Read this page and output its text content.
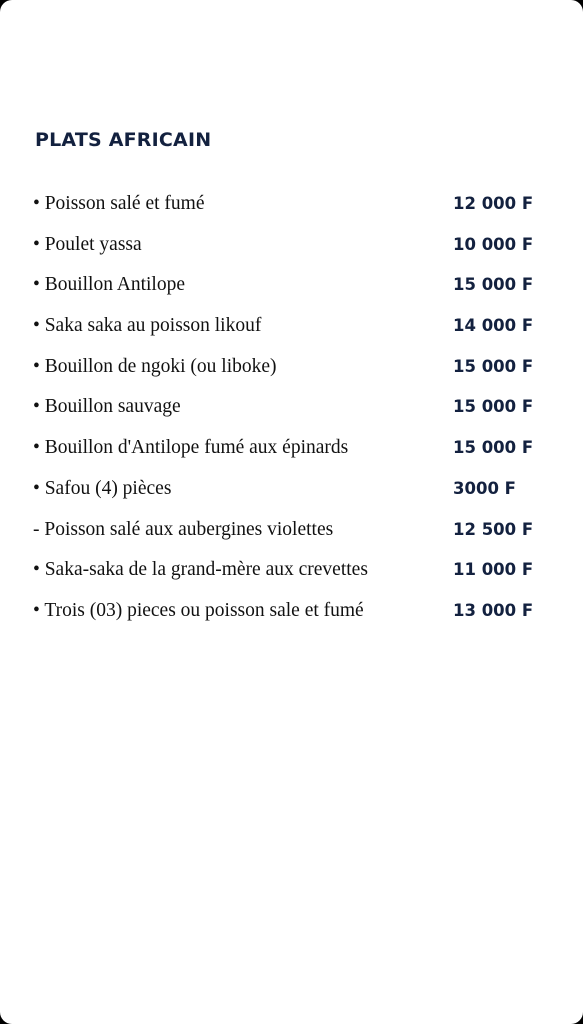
PLATS AFRICAIN
• Poisson salé et fumé	12 000 F
• Poulet yassa	10 000 F
• Bouillon Antilope	15 000 F
• Saka saka au poisson likouf	14 000 F
• Bouillon de ngoki (ou liboke)	15 000 F
• Bouillon sauvage	15 000 F
• Bouillon d'Antilope fumé aux épinards	15 000 F
• Safou (4) pièces	3000 F
- Poisson salé aux aubergines violettes	12 500 F
• Saka-saka de la grand-mère aux crevettes	11 000 F
• Trois (03) pieces ou poisson sale et fumé	13 000 F
